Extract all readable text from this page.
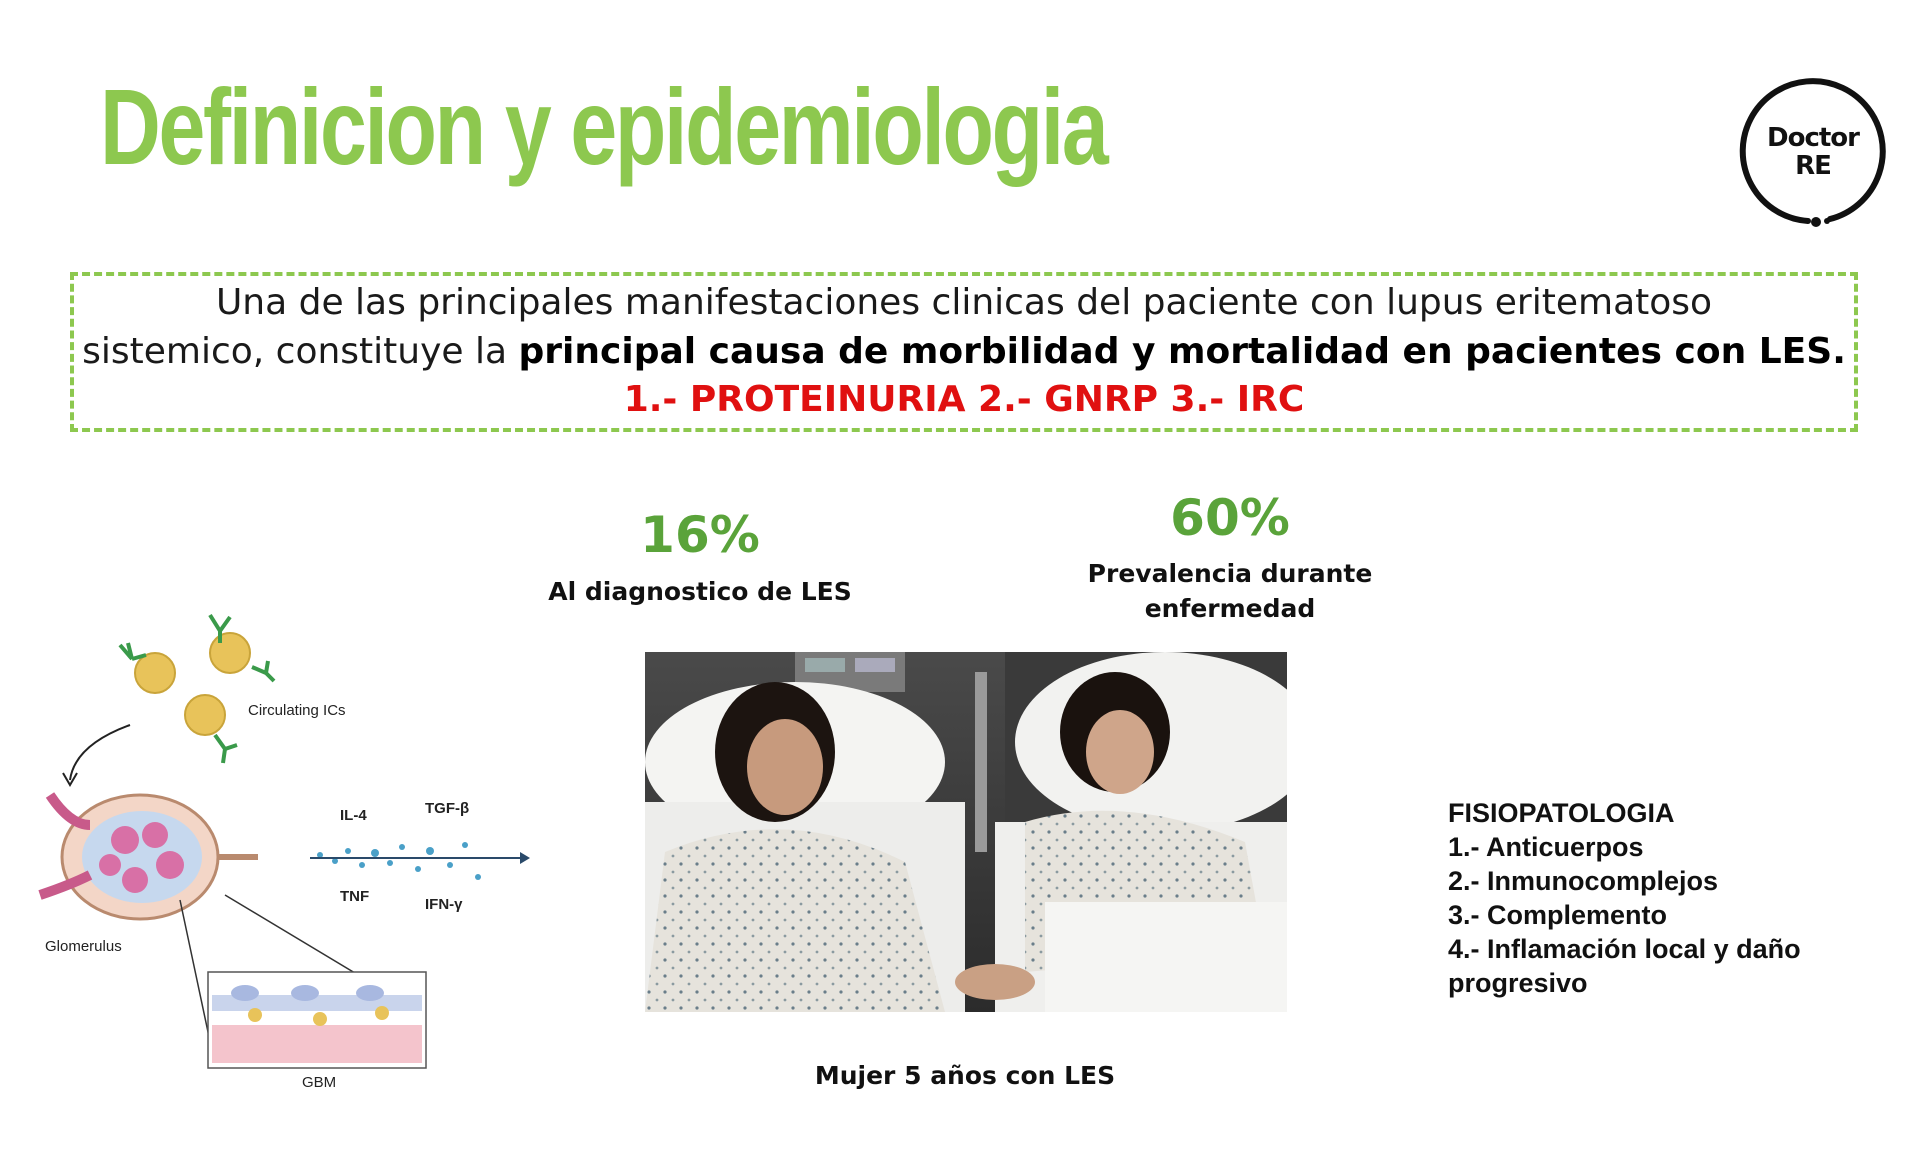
Definicion y epidemiologia	Doctor
RE
Una de las principales manifestaciones clinicas del paciente con lupus eritematoso
sistemico, constituye la principal causa de morbilidad y mortalidad en pacientes con LES.
1.- PROTEINURIA 2.- GNRP 3.- IRC
16%
Al diagnostico de LES
60%
Prevalencia durante
enfermedad
Mujer 5 años con LES
FISIOPATOLOGIA
1.- Anticuerpos
2.- Inmunocomplejos
3.- Complemento
4.- Inflamación local y daño
progresivo
Circulating ICs
Glomerulus
IL-4	TGF-β
TNF	IFN-γ
GBM
